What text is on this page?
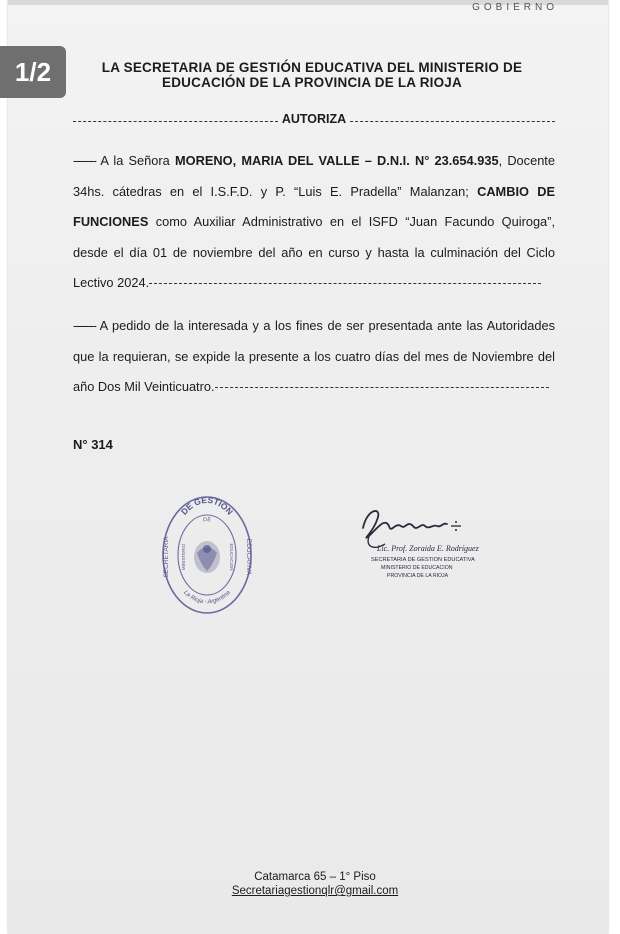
GOBIERNO
1/2	LA SECRETARIA DE GESTIÓN EDUCATIVA DEL MINISTERIO DE
EDUCACIÓN DE LA PROVINCIA DE LA RIOJA
AUTORIZA
------- A la Señora MORENO, MARIA DEL VALLE – D.N.I. N° 23.654.935, Docente 34hs. cátedras en el I.S.F.D. y P. “Luis E. Pradella” Malanzan; CAMBIO DE FUNCIONES como Auxiliar Administrativo en el ISFD “Juan Facundo Quiroga”, desde el día 01 de noviembre del año en curso y hasta la culminación del Ciclo Lectivo 2024.
------- A pedido de la interesada y a los fines de ser presentada ante las Autoridades que la requieran, se expide la presente a los cuatro días del mes de Noviembre del año Dos Mil Veinticuatro.
N° 314
DE GESTION
SECRETARIA	EDUCATIVA
DE
MINISTERIO	EDUCACION
La Rioja - Argentina
Lic. Prof. Zoraida E. Rodríguez
SECRETARIA DE GESTION EDUCATIVA
MINISTERIO DE EDUCACION
PROVINCIA DE LA RIOJA
Catamarca 65 – 1° Piso
Secretariagestionqlr@gmail.com
